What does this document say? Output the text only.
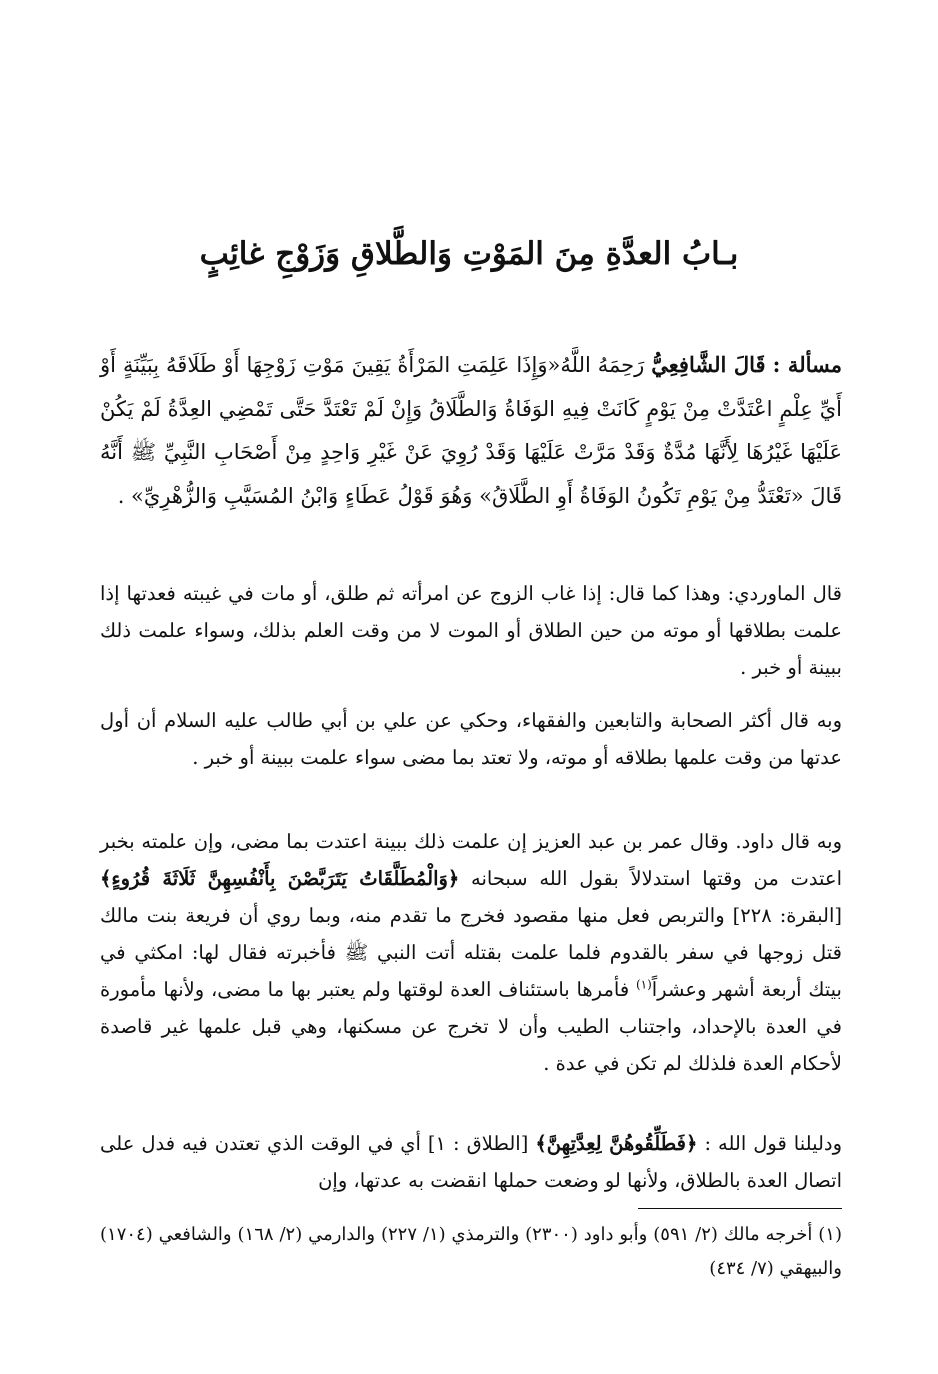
بـابُ العدَّةِ مِنَ المَوْتِ وَالطَّلاقِ وَزَوْجِ غائِبٍ

مسألة : قَالَ الشَّافِعِيُّ رَحِمَهُ اللَّهُ«وَإِذَا عَلِمَتِ المَرْأَةُ يَقِينَ مَوْتِ زَوْجِهَا أَوْ طَلَاقَهُ بِبَيِّنَةٍ أَوْ أَيِّ عِلْمٍ اعْتَدَّتْ مِنْ يَوْمٍ كَانَتْ فِيهِ الوَفَاةُ وَالطَّلَاقُ وَإِنْ لَمْ تَعْتَدَّ حَتَّى تَمْضِي العِدَّةُ لَمْ يَكُنْ عَلَيْهَا غَيْرُهَا لِأَنَّهَا مُدَّةٌ وَقَدْ مَرَّتْ عَلَيْهَا وَقَدْ رُوِيَ عَنْ غَيْرِ وَاحِدٍ مِنْ أَصْحَابِ النَّبِيِّ ﷺ أَنَّهُ قَالَ «تَعْتَدُّ مِنْ يَوْمِ تَكُونُ الوَفَاةُ أَوِ الطَّلَاقُ» وَهُوَ قَوْلُ عَطَاءٍ وَابْنُ المُسَيَّبِ وَالزُّهْرِيِّ» .

قال الماوردي: وهذا كما قال: إذا غاب الزوج عن امرأته ثم طلق، أو مات في غيبته فعدتها إذا علمت بطلاقها أو موته من حين الطلاق أو الموت لا من وقت العلم بذلك، وسواء علمت ذلك ببينة أو خبر .

وبه قال أكثر الصحابة والتابعين والفقهاء، وحكي عن علي بن أبي طالب عليه السلام أن أول عدتها من وقت علمها بطلاقه أو موته، ولا تعتد بما مضى سواء علمت ببينة أو خبر .

وبه قال داود. وقال عمر بن عبد العزيز إن علمت ذلك ببينة اعتدت بما مضى، وإن علمته بخبر اعتدت من وقتها استدلالاً بقول الله سبحانه ﴿وَالْمُطَلَّقَاتُ يَتَرَبَّصْنَ بِأَنْفُسِهِنَّ ثَلَاثَةَ قُرُوءٍ﴾ [البقرة: ٢٢٨] والتربص فعل منها مقصود فخرج ما تقدم منه، وبما روي أن فريعة بنت مالك قتل زوجها في سفر بالقدوم فلما علمت بقتله أتت النبي ﷺ فأخبرته فقال لها: امكثي في بيتك أربعة أشهر وعشراً$^{(١)}$ فأمرها باستئناف العدة لوقتها ولم يعتبر بها ما مضى، ولأنها مأمورة في العدة بالإحداد، واجتناب الطيب وأن لا تخرج عن مسكنها، وهي قبل علمها غير قاصدة لأحكام العدة فلذلك لم تكن في عدة .

ودليلنا قول الله : ﴿فَطَلِّقُوهُنَّ لِعِدَّتِهِنَّ﴾ [الطلاق : ١] أي في الوقت الذي تعتدن فيه فدل على اتصال العدة بالطلاق، ولأنها لو وضعت حملها انقضت به عدتها، وإن

(١) أخرجه مالك (٢/ ٥٩١) وأبو داود (٢٣٠٠) والترمذي (١/ ٢٢٧) والدارمي (٢/ ١٦٨) والشافعي (١٧٠٤) والبيهقي (٧/ ٤٣٤)
